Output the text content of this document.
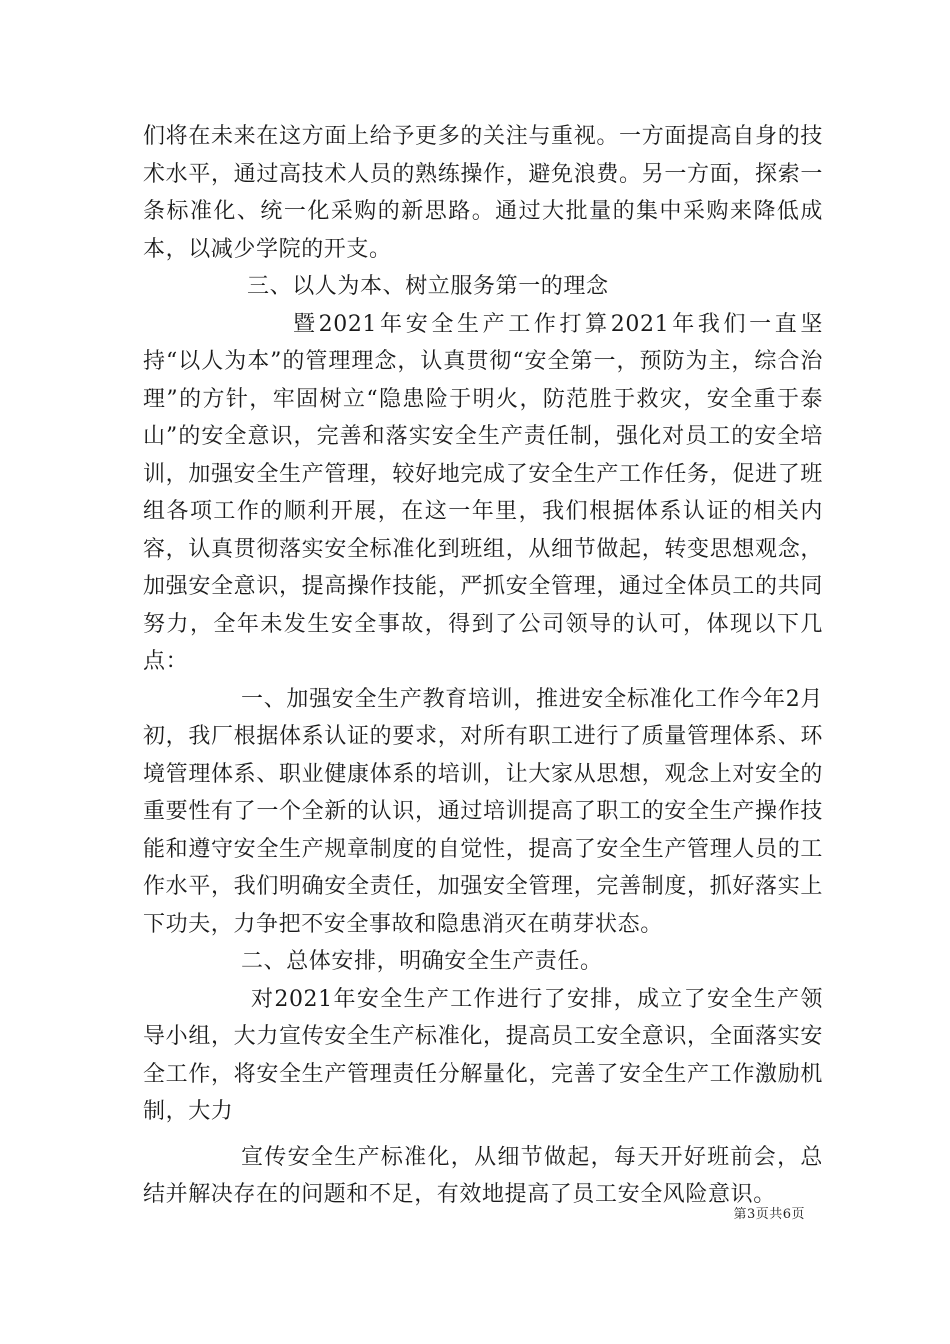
们将在未来在这方面上给予更多的关注与重视。一方面提高自身的技术水平，通过高技术人员的熟练操作，避免浪费。另一方面，探索一条标准化、统一化采购的新思路。通过大批量的集中采购来降低成本，以减少学院的开支。

三、以人为本、树立服务第一的理念

暨2021年安全生产工作打算2021年我们一直坚持“以人为本”的管理理念，认真贯彻“安全第一，预防为主，综合治理”的方针，牢固树立“隐患险于明火，防范胜于救灾，安全重于泰山”的安全意识，完善和落实安全生产责任制，强化对员工的安全培训，加强安全生产管理，较好地完成了安全生产工作任务，促进了班组各项工作的顺利开展，在这一年里，我们根据体系认证的相关内容，认真贯彻落实安全标准化到班组，从细节做起，转变思想观念，加强安全意识，提高操作技能，严抓安全管理，通过全体员工的共同努力，全年未发生安全事故，得到了公司领导的认可，体现以下几点：

一、加强安全生产教育培训，推进安全标准化工作今年2月初，我厂根据体系认证的要求，对所有职工进行了质量管理体系、环境管理体系、职业健康体系的培训，让大家从思想，观念上对安全的重要性有了一个全新的认识，通过培训提高了职工的安全生产操作技能和遵守安全生产规章制度的自觉性，提高了安全生产管理人员的工作水平，我们明确安全责任，加强安全管理，完善制度，抓好落实上下功夫，力争把不安全事故和隐患消灭在萌芽状态。

二、总体安排，明确安全生产责任。

对2021年安全生产工作进行了安排，成立了安全生产领导小组，大力宣传安全生产标准化，提高员工安全意识，全面落实安全工作，将安全生产管理责任分解量化，完善了安全生产工作激励机制，大力

宣传安全生产标准化，从细节做起，每天开好班前会，总结并解决存在的问题和不足，有效地提高了员工安全风险意识。

第3页共6页
